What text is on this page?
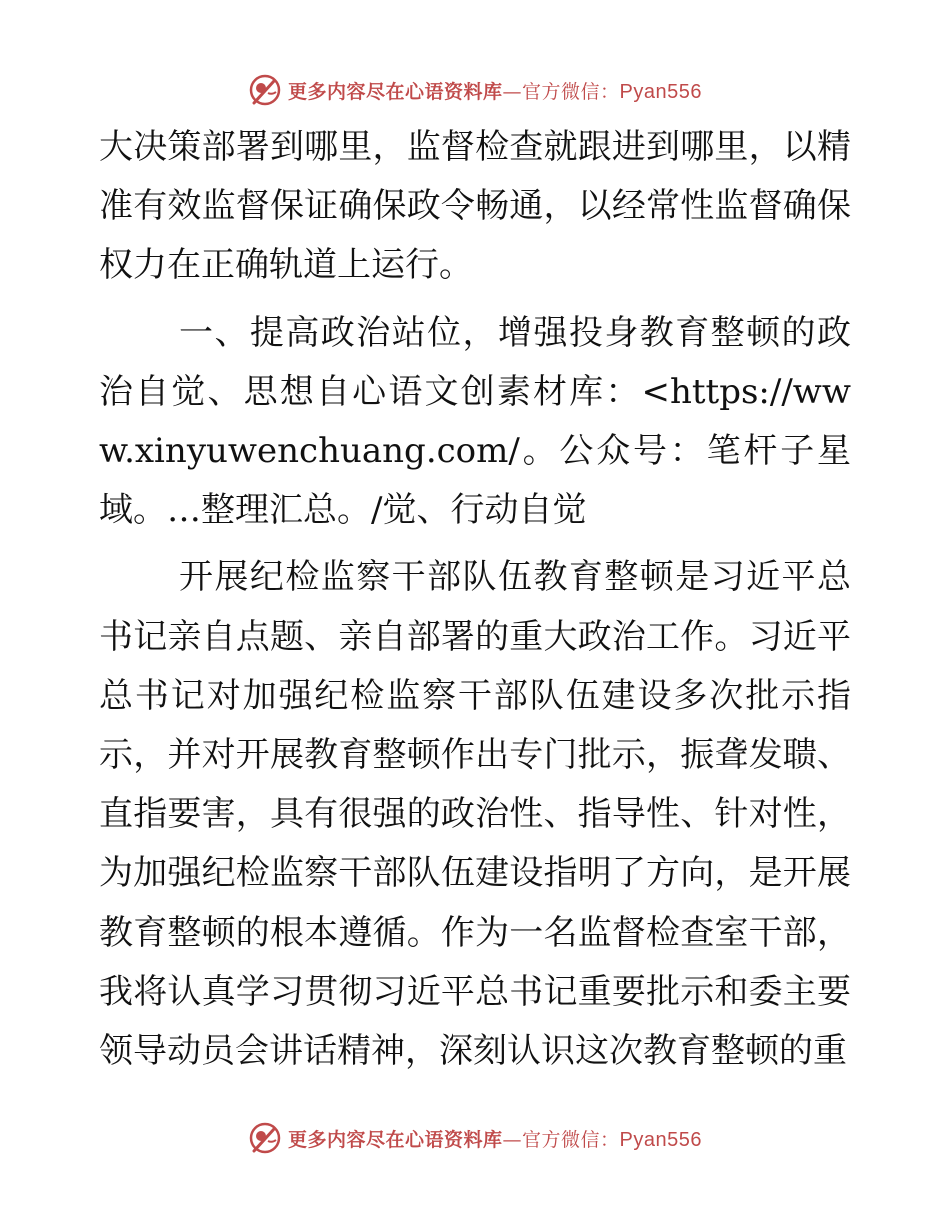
更多内容尽在心语资料库 — 官方微信： Pyan556

大决策部署到哪里，监督检查就跟进到哪里，以精准有效监督保证确保政令畅通，以经常性监督确保权力在正确轨道上运行。

一、提高政治站位，增强投身教育整顿的政治自觉、思想自心语文创素材库：<https://www.xinyuwenchuang.com/。公众号：笔杆子星域。…整理汇总。/觉、行动自觉

开展纪检监察干部队伍教育整顿是习近平总书记亲自点题、亲自部署的重大政治工作。习近平总书记对加强纪检监察干部队伍建设多次批示指示，并对开展教育整顿作出专门批示，振聋发聩、直指要害，具有很强的政治性、指导性、针对性，为加强纪检监察干部队伍建设指明了方向，是开展教育整顿的根本遵循。作为一名监督检查室干部，我将认真学习贯彻习近平总书记重要批示和委主要领导动员会讲话精神，深刻认识这次教育整顿的重

更多内容尽在心语资料库 — 官方微信： Pyan556
